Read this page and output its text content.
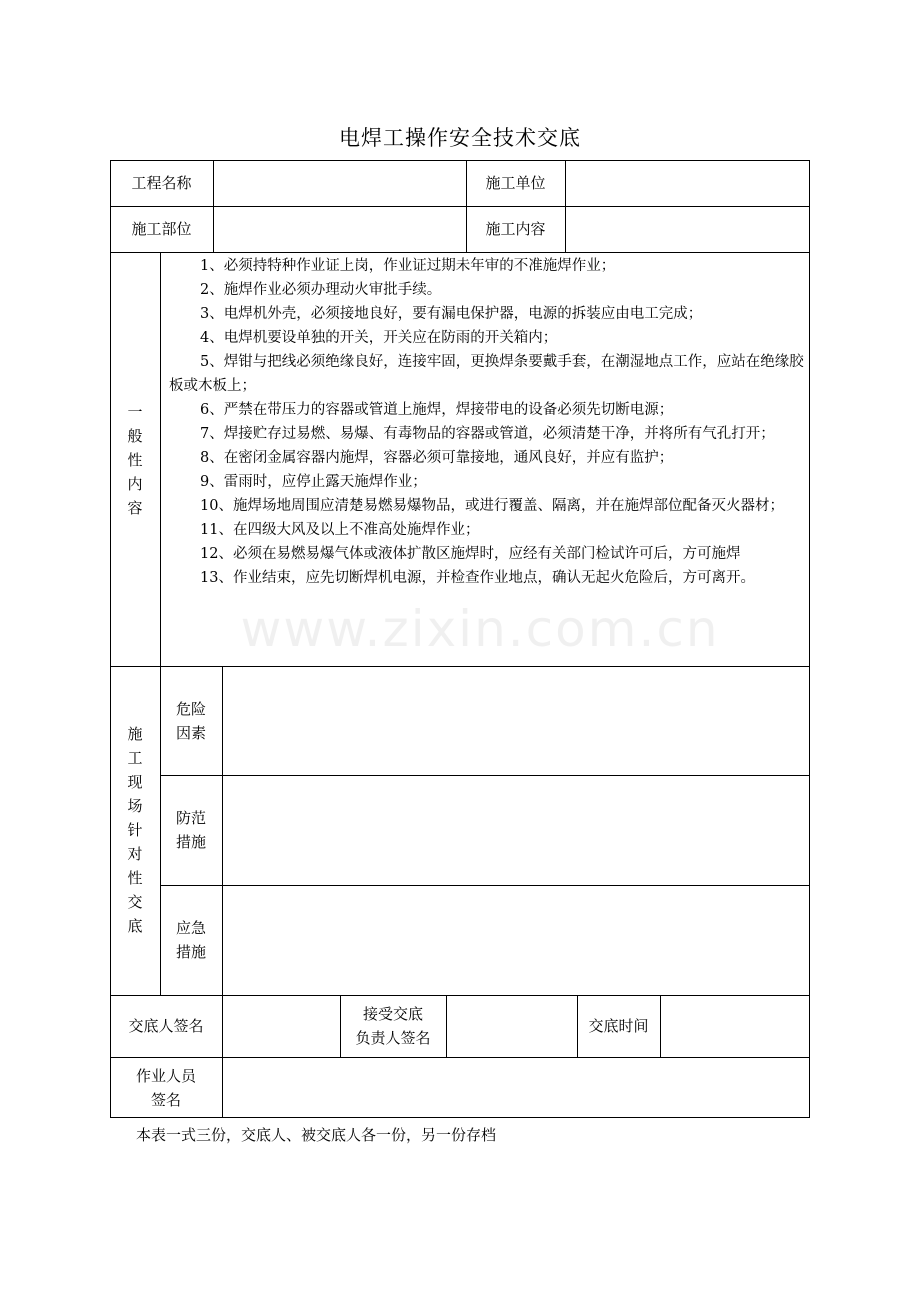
电焊工操作安全技术交底
www.zixin.com.cn
工程名称	施工单位
施工部位	施工内容
一般性内容

1、必须持特种作业证上岗，作业证过期未年审的不准施焊作业；

2、施焊作业必须办理动火审批手续。

3、电焊机外壳，必须接地良好，要有漏电保护器，电源的拆装应由电工完成；

4、电焊机要设单独的开关，开关应在防雨的开关箱内；

5、焊钳与把线必须绝缘良好，连接牢固，更换焊条要戴手套，在潮湿地点工作，应站在绝缘胶板或木板上；

6、严禁在带压力的容器或管道上施焊，焊接带电的设备必须先切断电源；

7、焊接贮存过易燃、易爆、有毒物品的容器或管道，必须清楚干净，并将所有气孔打开；

8、在密闭金属容器内施焊，容器必须可靠接地，通风良好，并应有监护；

9、雷雨时，应停止露天施焊作业；

10、施焊场地周围应清楚易燃易爆物品，或进行覆盖、隔离，并在施焊部位配备灭火器材；

11、在四级大风及以上不准高处施焊作业；

12、必须在易燃易爆气体或液体扩散区施焊时，应经有关部门检试许可后，方可施焊

13、作业结束，应先切断焊机电源，并检查作业地点，确认无起火危险后，方可离开。

施工现场针对性交底
危险因素
防范措施
应急措施
交底人签名
接受交底
负责人签名
交底时间
作业人员
签名
本表一式三份，交底人、被交底人各一份，另一份存档
